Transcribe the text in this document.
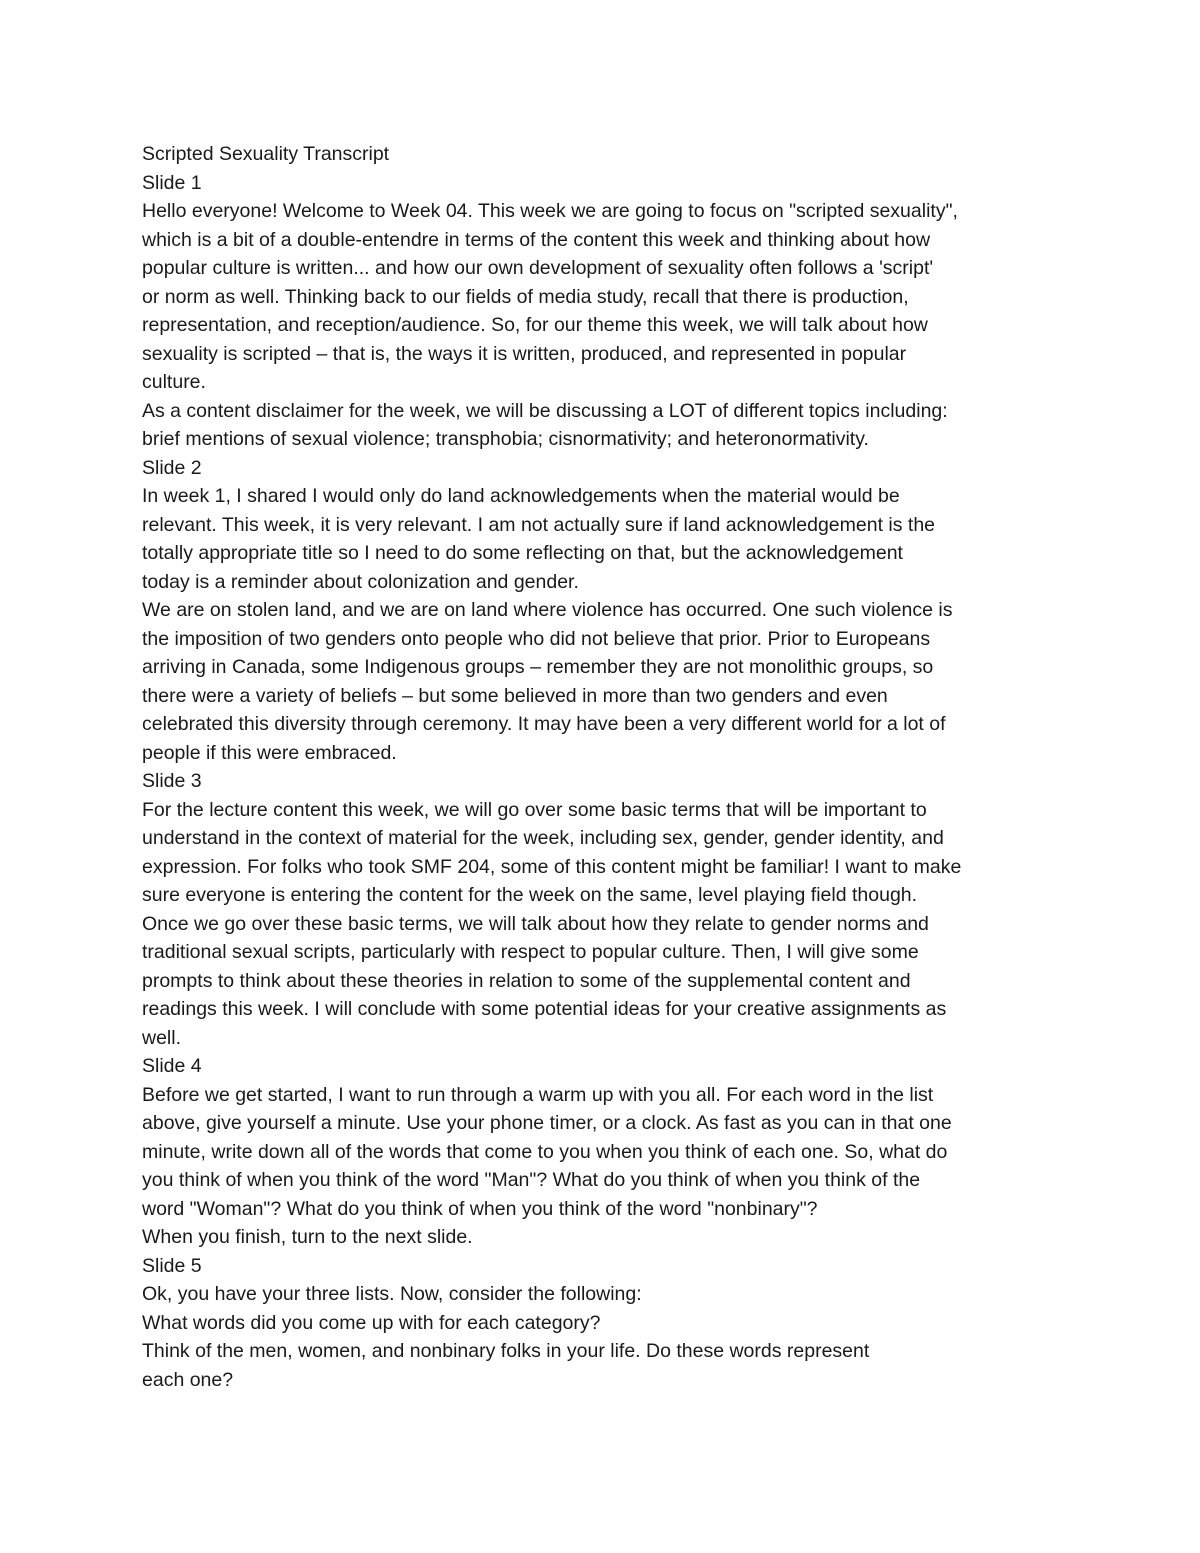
Scripted Sexuality Transcript
Slide 1
Hello everyone! Welcome to Week 04. This week we are going to focus on "scripted sexuality",
which is a bit of a double-entendre in terms of the content this week and thinking about how
popular culture is written... and how our own development of sexuality often follows a 'script'
or norm as well. Thinking back to our fields of media study, recall that there is production,
representation, and reception/audience. So, for our theme this week, we will talk about how
sexuality is scripted – that is, the ways it is written, produced, and represented in popular
culture.
As a content disclaimer for the week, we will be discussing a LOT of different topics including:
brief mentions of sexual violence; transphobia; cisnormativity; and heteronormativity.
Slide 2
In week 1, I shared I would only do land acknowledgements when the material would be
relevant. This week, it is very relevant. I am not actually sure if land acknowledgement is the
totally appropriate title so I need to do some reflecting on that, but the acknowledgement
today is a reminder about colonization and gender.
We are on stolen land, and we are on land where violence has occurred. One such violence is
the imposition of two genders onto people who did not believe that prior. Prior to Europeans
arriving in Canada, some Indigenous groups – remember they are not monolithic groups, so
there were a variety of beliefs – but some believed in more than two genders and even
celebrated this diversity through ceremony. It may have been a very different world for a lot of
people if this were embraced.
Slide 3
For the lecture content this week, we will go over some basic terms that will be important to
understand in the context of material for the week, including sex, gender, gender identity, and
expression. For folks who took SMF 204, some of this content might be familiar! I want to make
sure everyone is entering the content for the week on the same, level playing field though.
Once we go over these basic terms, we will talk about how they relate to gender norms and
traditional sexual scripts, particularly with respect to popular culture. Then, I will give some
prompts to think about these theories in relation to some of the supplemental content and
readings this week. I will conclude with some potential ideas for your creative assignments as
well.
Slide 4
Before we get started, I want to run through a warm up with you all. For each word in the list
above, give yourself a minute. Use your phone timer, or a clock. As fast as you can in that one
minute, write down all of the words that come to you when you think of each one. So, what do
you think of when you think of the word "Man"? What do you think of when you think of the
word "Woman"? What do you think of when you think of the word "nonbinary"?
When you finish, turn to the next slide.
Slide 5
Ok, you have your three lists. Now, consider the following:
What words did you come up with for each category?
Think of the men, women, and nonbinary folks in your life. Do these words represent
each one?
